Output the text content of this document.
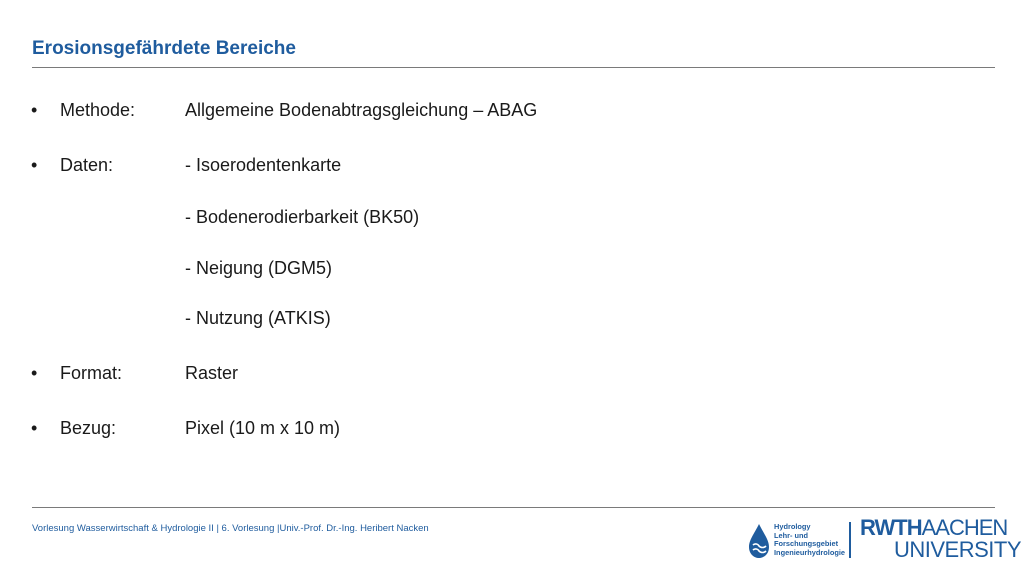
Erosionsgefährdete Bereiche
•	Methode:	Allgemeine Bodenabtragsgleichung – ABAG
•	Daten:	- Isoerodentenkarte
- Bodenerodierbarkeit (BK50)
- Neigung (DGM5)
- Nutzung (ATKIS)
•	Format:	Raster
•	Bezug:	Pixel (10 m x 10 m)
Vorlesung Wasserwirtschaft & Hydrologie II | 6. Vorlesung |Univ.-Prof. Dr.-Ing. Heribert Nacken	Hydrology
Lehr- und
Forschungsgebiet
Ingenieurhydrologie
RWTHAACHEN
UNIVERSITY
